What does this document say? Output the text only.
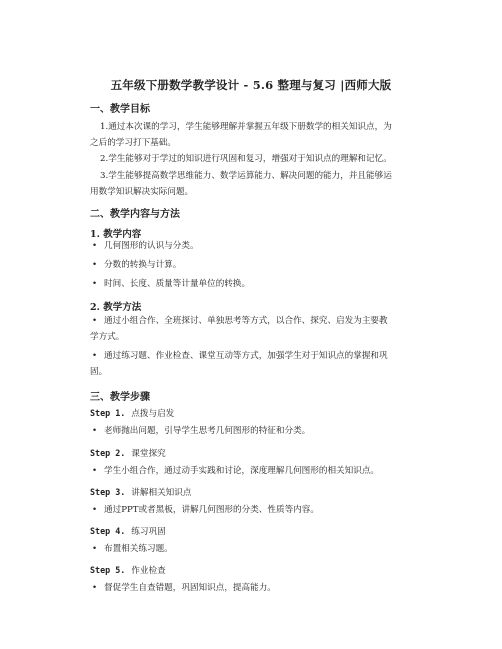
五年级下册数学教学设计 - 5.6 整理与复习 |西师大版
一、教学目标
1.通过本次课的学习，学生能够理解并掌握五年级下册数学的相关知识点，为
之后的学习打下基础。
2.学生能够对于学过的知识进行巩固和复习，增强对于知识点的理解和记忆。
3.学生能够提高数学思维能力、数学运算能力、解决问题的能力，并且能够运
用数学知识解决实际问题。
二、教学内容与方法
1. 教学内容
• 几何图形的认识与分类。
• 分数的转换与计算。
• 时间、长度、质量等计量单位的转换。
2. 教学方法
• 通过小组合作、全班探讨、单独思考等方式，以合作、探究、启发为主要教
学方式。
• 通过练习题、作业检查、课堂互动等方式，加强学生对于知识点的掌握和巩
固。
三、教学步骤
Step 1. 点拨与启发
• 老师抛出问题，引导学生思考几何图形的特征和分类。
Step 2. 课堂探究
• 学生小组合作，通过动手实践和讨论，深度理解几何图形的相关知识点。
Step 3. 讲解相关知识点
• 通过PPT或者黑板，讲解几何图形的分类、性质等内容。
Step 4. 练习巩固
• 布置相关练习题。
Step 5. 作业检查
• 督促学生自查错题，巩固知识点，提高能力。
